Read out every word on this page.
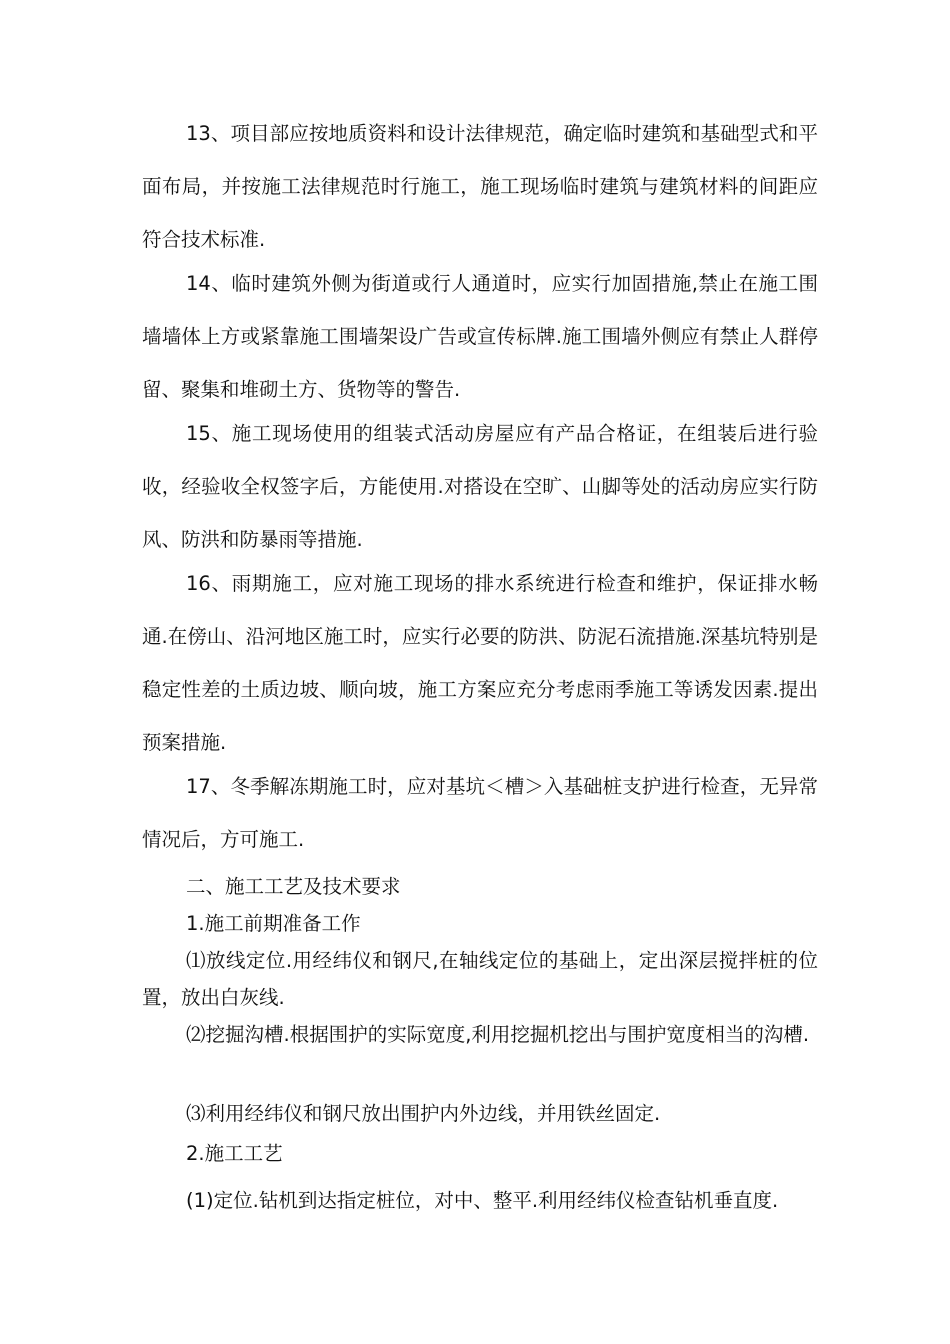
13、项目部应按地质资料和设计法律规范，确定临时建筑和基础型式和平面布局，并按施工法律规范时行施工，施工现场临时建筑与建筑材料的间距应符合技术标准.

14、临时建筑外侧为街道或行人通道时，应实行加固措施,禁止在施工围墙墙体上方或紧靠施工围墙架设广告或宣传标牌.施工围墙外侧应有禁止人群停留、聚集和堆砌土方、货物等的警告.

15、施工现场使用的组装式活动房屋应有产品合格证，在组装后进行验收，经验收全权签字后，方能使用.对搭设在空旷、山脚等处的活动房应实行防风、防洪和防暴雨等措施.

16、雨期施工，应对施工现场的排水系统进行检查和维护，保证排水畅通.在傍山、沿河地区施工时，应实行必要的防洪、防泥石流措施.深基坑特别是稳定性差的土质边坡、顺向坡，施工方案应充分考虑雨季施工等诱发因素.提出预案措施.

17、冬季解冻期施工时，应对基坑＜槽＞入基础桩支护进行检查，无异常情况后，方可施工.

二、施工工艺及技术要求

1.施工前期准备工作

⑴放线定位.用经纬仪和钢尺,在轴线定位的基础上，定出深层搅拌桩的位置，放出白灰线.

⑵挖掘沟槽.根据围护的实际宽度,利用挖掘机挖出与围护宽度相当的沟槽.

⑶利用经纬仪和钢尺放出围护内外边线，并用铁丝固定.

2.施工工艺

(1)定位.钻机到达指定桩位，对中、整平.利用经纬仪检查钻机垂直度.
